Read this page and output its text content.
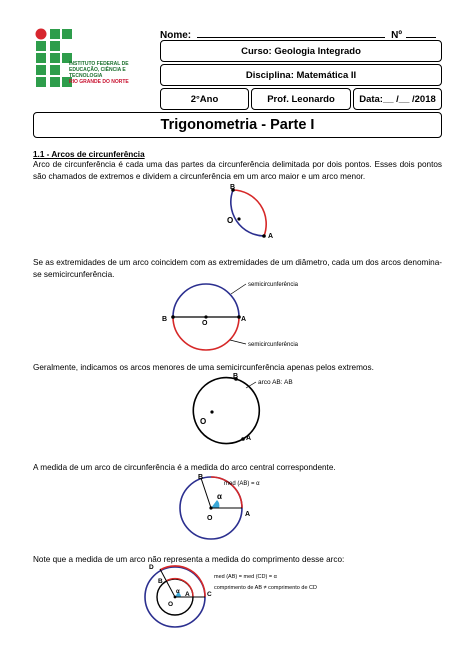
INSTITUTO FEDERAL DE
EDUCAÇÃO, CIÊNCIA E TECNOLOGIA
RIO GRANDE DO NORTE
Nome:	Nº
Curso: Geologia Integrado
Disciplina: Matemática II
2°Ano	Prof. Leonardo	Data:__ /__ /2018
Trigonometria - Parte I
1.1 - Arcos de circunferência
Arco de circunferência é cada uma das partes da circunferência delimitada por dois pontos. Esses dois pontos são chamados de extremos e dividem a circunferência em um arco maior e um arco menor.
B
O
A
Se as extremidades de um arco coincidem com as extremidades de um diâmetro, cada um dos arcos denomina-se semicircunferência.
B
O
A
semicircunferência
semicircunferência
Geralmente, indicamos os arcos menores de uma semicircunferência apenas pelos extremos.
B
O
A
arco AB: AB
A medida de um arco de circunferência é a medida do arco central correspondente.
B
O
A
α
med (AB) = α
Note que a medida de um arco não representa a medida do comprimento desse arco:
D
B
O
A	C
α
med (AB) = med (CD) = α
comprimento de AB ≠ comprimento de CD
